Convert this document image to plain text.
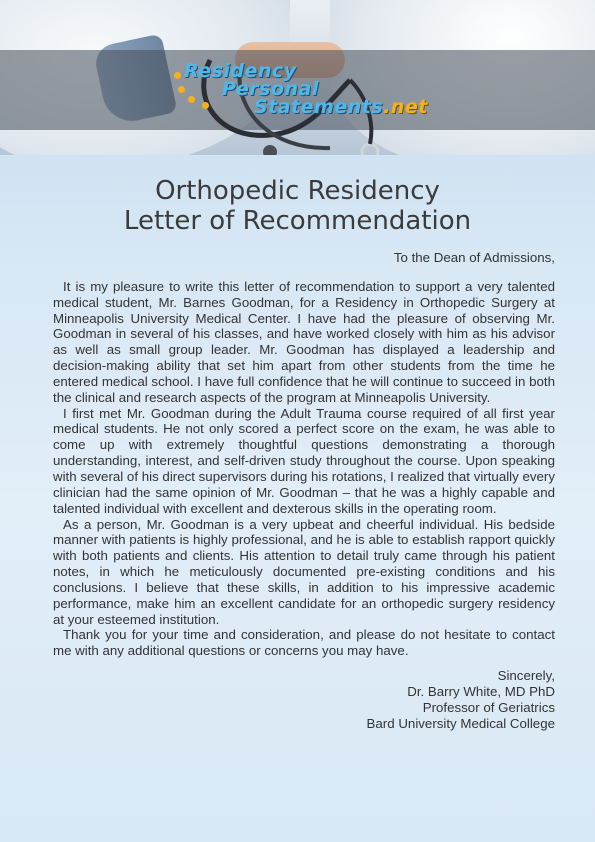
Residency
Personal
Statements.net
Orthopedic Residency
Letter of Recommendation
To the Dean of Admissions,

It is my pleasure to write this letter of recommendation to support a very talented medical student, Mr. Barnes Goodman, for a Residency in Orthopedic Surgery at Minneapolis University Medical Center. I have had the pleasure of observing Mr. Goodman in several of his classes, and have worked closely with him as his advisor as well as small group leader. Mr. Goodman has displayed a leadership and decision-making ability that set him apart from other students from the time he entered medical school. I have full confidence that he will continue to succeed in both the clinical and research aspects of the program at Minneapolis University.

I first met Mr. Goodman during the Adult Trauma course required of all first year medical students. He not only scored a perfect score on the exam, he was able to come up with extremely thoughtful questions demonstrating a thorough understanding, interest, and self-driven study throughout the course. Upon speaking with several of his direct supervisors during his rotations, I realized that virtually every clinician had the same opinion of Mr. Goodman – that he was a highly capable and talented individual with excellent and dexterous skills in the operating room.

As a person, Mr. Goodman is a very upbeat and cheerful individual. His bedside manner with patients is highly professional, and he is able to establish rapport quickly with both patients and clients. His attention to detail truly came through his patient notes, in which he meticulously documented pre-existing conditions and his conclusions. I believe that these skills, in addition to his impressive academic performance, make him an excellent candidate for an orthopedic surgery residency at your esteemed institution.

Thank you for your time and consideration, and please do not hesitate to contact me with any additional questions or concerns you may have.

Sincerely,
Dr. Barry White, MD PhD
Professor of Geriatrics
Bard University Medical College
